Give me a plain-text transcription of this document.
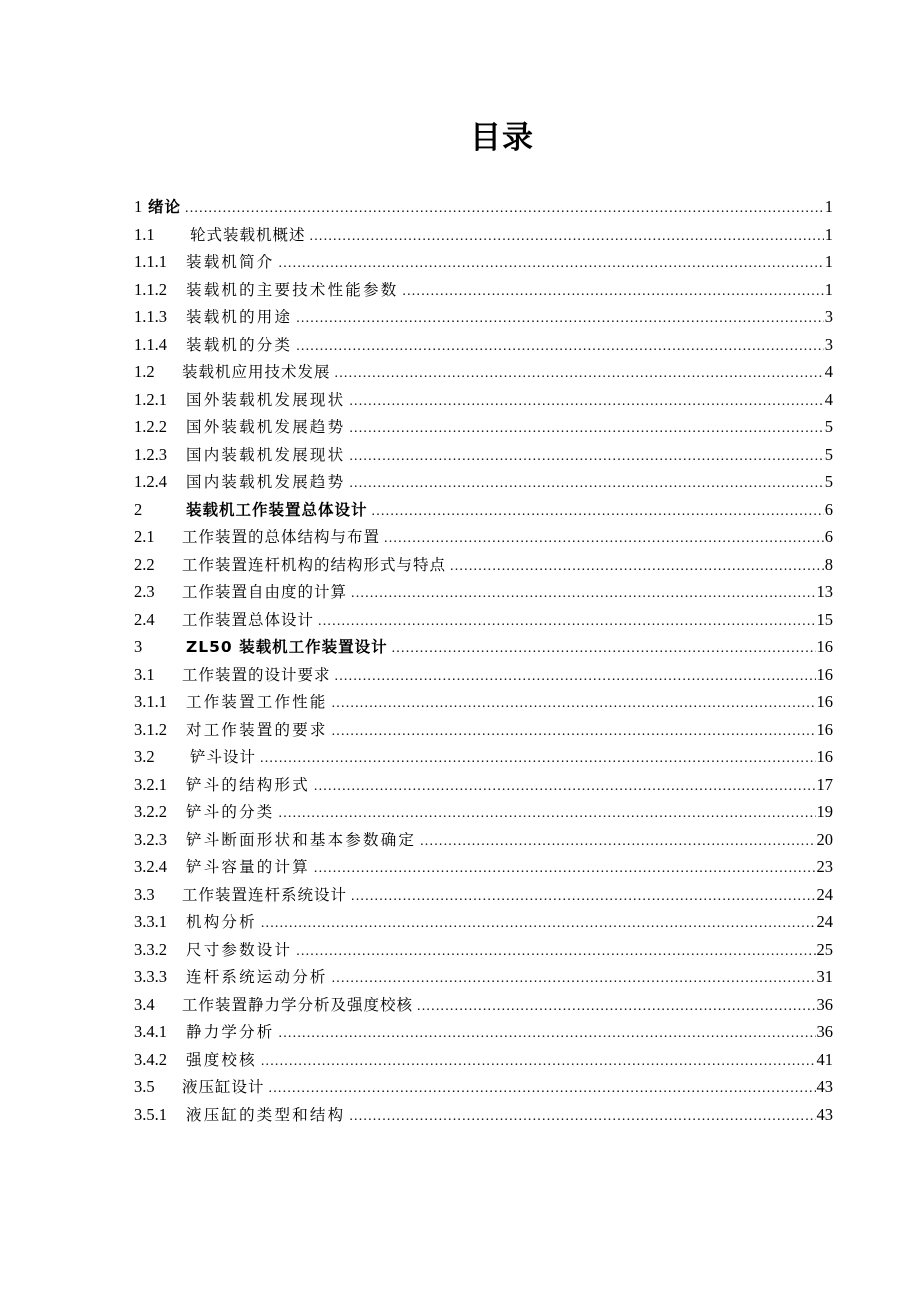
目录
1 绪论 .....	1
1.1	轮式装载机概述 .....	1
1.1.1	装载机简介 .....	1
1.1.2	装载机的主要技术性能参数 .....	1
1.1.3	装载机的用途 .....	3
1.1.4	装载机的分类 .....	3
1.2	装载机应用技术发展 .....	4
1.2.1	国外装载机发展现状 .....	4
1.2.2	国外装载机发展趋势 .....	5
1.2.3	国内装载机发展现状 .....	5
1.2.4	国内装载机发展趋势 .....	5
2	装载机工作装置总体设计 .....	6
2.1	工作装置的总体结构与布置 .....	6
2.2	工作装置连杆机构的结构形式与特点 .....	8
2.3	工作装置自由度的计算 .....	13
2.4	工作装置总体设计 .....	15
3	ZL50 装载机工作装置设计 .....	16
3.1	工作装置的设计要求 .....	16
3.1.1	工作装置工作性能 .....	16
3.1.2	对工作装置的要求 .....	16
3.2	铲斗设计 .....	16
3.2.1	铲斗的结构形式 .....	17
3.2.2	铲斗的分类 .....	19
3.2.3	铲斗断面形状和基本参数确定 .....	20
3.2.4	铲斗容量的计算 .....	23
3.3	工作装置连杆系统设计 .....	24
3.3.1	机构分析 .....	24
3.3.2	尺寸参数设计 .....	25
3.3.3	连杆系统运动分析 .....	31
3.4	工作装置静力学分析及强度校核 .....	36
3.4.1	静力学分析 .....	36
3.4.2	强度校核 .....	41
3.5	液压缸设计 .....	43
3.5.1	液压缸的类型和结构 .....	43
